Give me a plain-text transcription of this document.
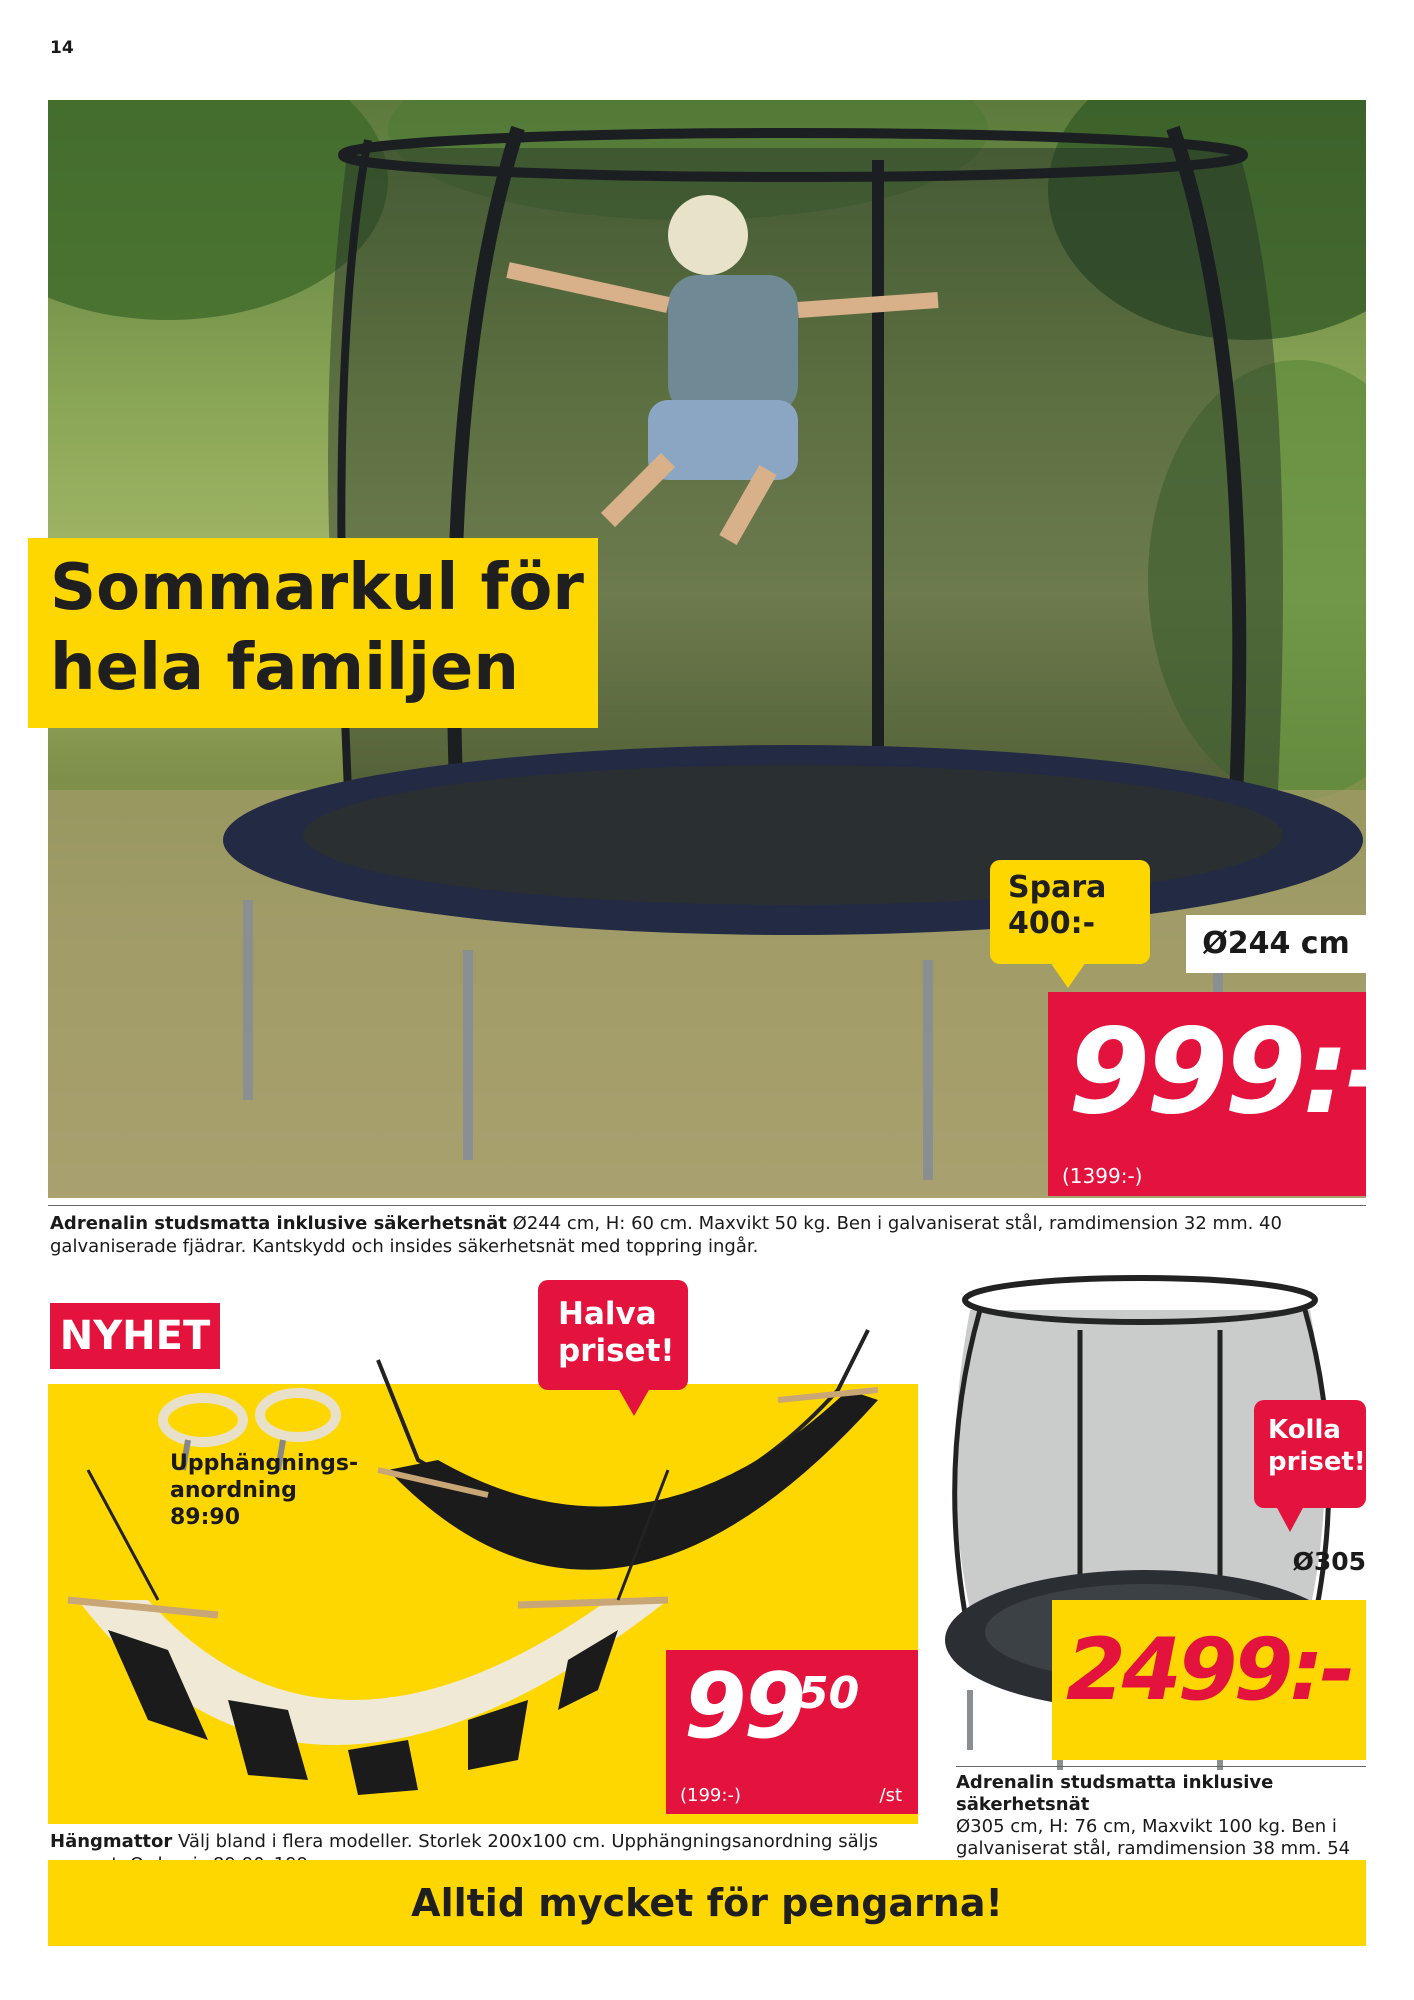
14
Sommarkul för hela familjen
Spara 400:-
Ø244 cm
999:-
(1399:-)
Adrenalin studsmatta inklusive säkerhetsnät Ø244 cm, H: 60 cm. Maxvikt 50 kg. Ben i galvaniserat stål, ramdimension 32 mm. 40 galvaniserade fjädrar. Kantskydd och insides säkerhetsnät med toppring ingår.
NYHET	Halva priset!
Upphängnings-
anordning
89:90
99
50
(199:-)	/st
Hängmattor Välj bland i flera modeller. Storlek 200x100 cm. Upphängningsanordning säljs
Kolla priset!
Ø305
2499:-
Adrenalin studsmatta inklusive säkerhetsnät
Ø305 cm, H: 76 cm, Maxvikt 100 kg. Ben i galvaniserat stål, ramdimension 38 mm. 54
Alltid mycket för pengarna!
